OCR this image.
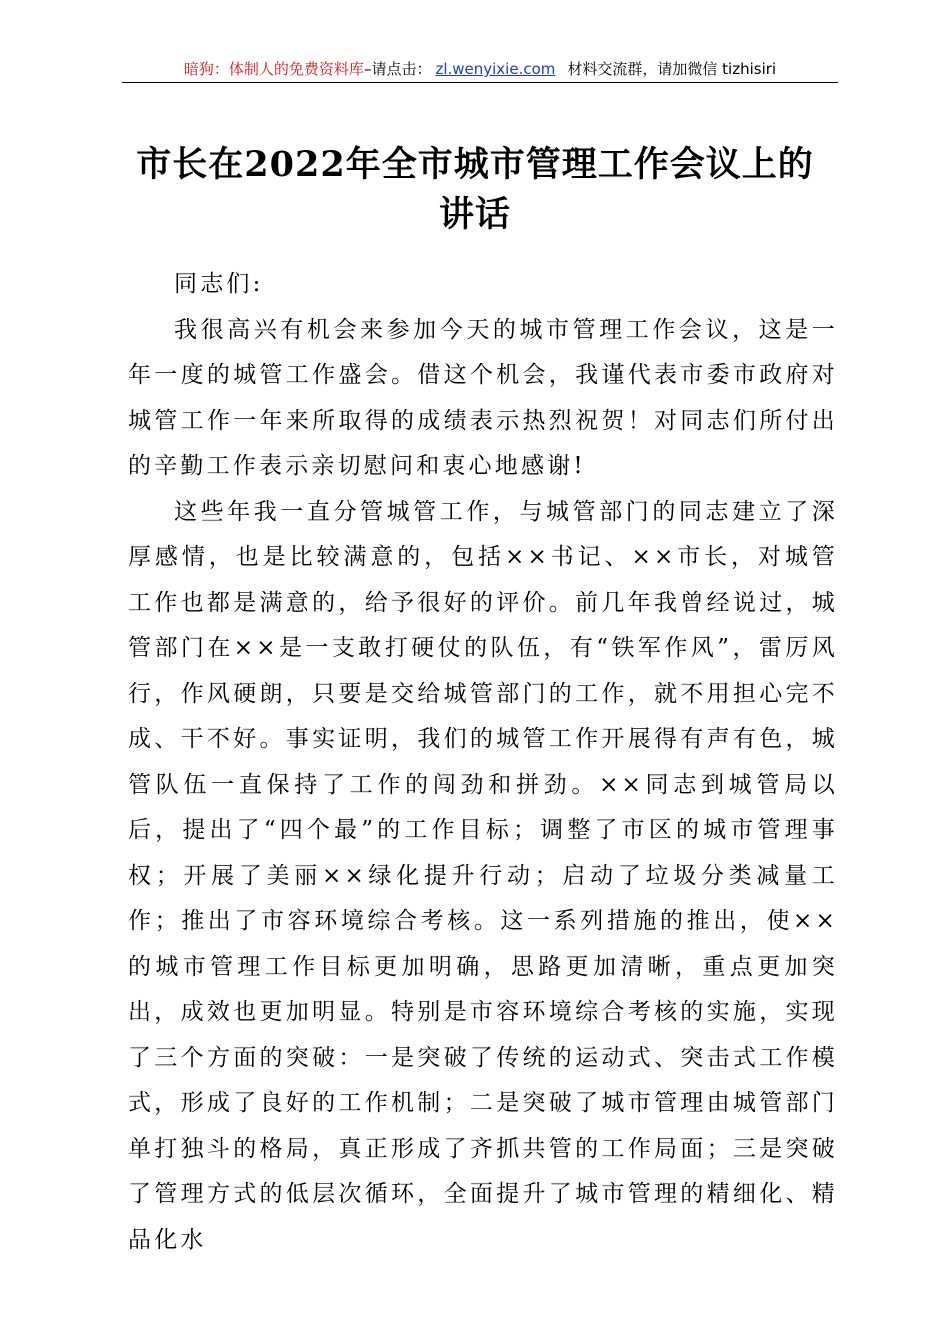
暗狗：体制人的免费资料库–请点击： zl.wenyixie.com 材料交流群，请加微信 tizhisiri
市长在2022年全市城市管理工作会议上的讲话

同志们:

我很高兴有机会来参加今天的城市管理工作会议，这是一年一度的城管工作盛会。借这个机会，我谨代表市委市政府对城管工作一年来所取得的成绩表示热烈祝贺！对同志们所付出的辛勤工作表示亲切慰问和衷心地感谢!

这些年我一直分管城管工作，与城管部门的同志建立了深厚感情，也是比较满意的，包括××书记、××市长，对城管工作也都是满意的，给予很好的评价。前几年我曾经说过，城管部门在××是一支敢打硬仗的队伍，有“铁军作风”，雷厉风行，作风硬朗，只要是交给城管部门的工作，就不用担心完不成、干不好。事实证明，我们的城管工作开展得有声有色，城管队伍一直保持了工作的闯劲和拼劲。××同志到城管局以后，提出了“四个最”的工作目标；调整了市区的城市管理事权；开展了美丽××绿化提升行动；启动了垃圾分类减量工作；推出了市容环境综合考核。这一系列措施的推出，使××的城市管理工作目标更加明确，思路更加清晰，重点更加突出，成效也更加明显。特别是市容环境综合考核的实施，实现了三个方面的突破：一是突破了传统的运动式、突击式工作模式，形成了良好的工作机制；二是突破了城市管理由城管部门单打独斗的格局，真正形成了齐抓共管的工作局面；三是突破了管理方式的低层次循环，全面提升了城市管理的精细化、精品化水
